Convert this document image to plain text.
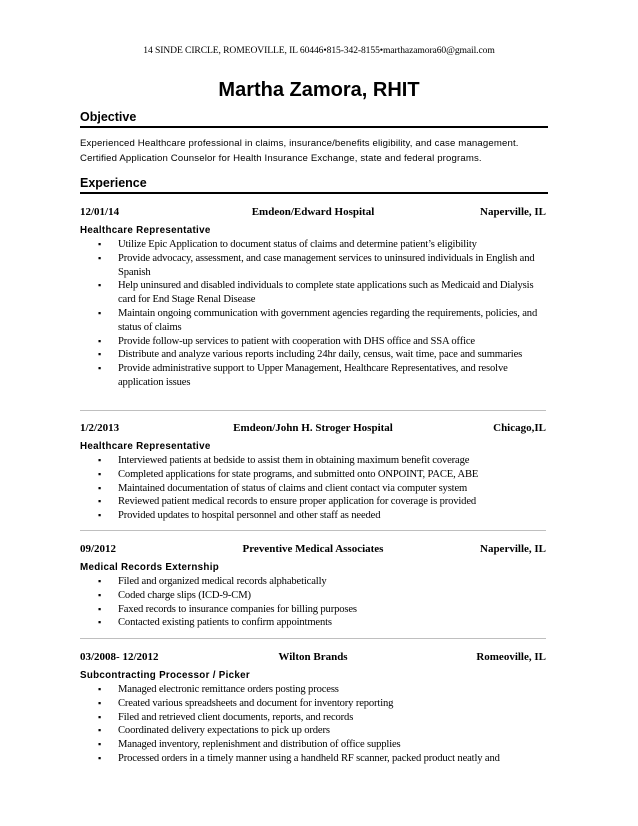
14 SINDE CIRCLE, ROMEOVILLE, IL 60446•815-342-8155•marthazamora60@gmail.com
Martha Zamora, RHIT
Objective
Experienced Healthcare professional in claims, insurance/benefits eligibility, and case management.
Certified Application Counselor for Health Insurance Exchange, state and federal programs.
Experience
12/01/14	Emdeon/Edward Hospital	Naperville, IL
Healthcare Representative
▪ Utilize Epic Application to document status of claims and determine patient’s eligibility
▪ Provide advocacy, assessment, and case management services to uninsured individuals in English and Spanish
▪ Help uninsured and disabled individuals to complete state applications such as Medicaid and Dialysis card for End Stage Renal Disease
▪ Maintain ongoing communication with government agencies regarding the requirements, policies, and status of claims
▪ Provide follow-up services to patient with cooperation with DHS office and SSA office
▪ Distribute and analyze various reports including 24hr daily, census, wait time, pace and summaries
▪ Provide administrative support to Upper Management, Healthcare Representatives, and resolve application issues
1/2/2013	Emdeon/John H. Stroger Hospital	Chicago,IL
Healthcare Representative
▪ Interviewed patients at bedside to assist them in obtaining maximum benefit coverage
▪ Completed applications for state programs, and submitted onto ONPOINT, PACE, ABE
▪ Maintained documentation of status of claims and client contact via computer system
▪ Reviewed patient medical records to ensure proper application for coverage is provided
▪ Provided updates to hospital personnel and other staff as needed
09/2012	Preventive Medical Associates	Naperville, IL
Medical Records Externship
▪ Filed and organized medical records alphabetically
▪ Coded charge slips (ICD-9-CM)
▪ Faxed records to insurance companies for billing purposes
▪ Contacted existing patients to confirm appointments
03/2008- 12/2012	Wilton Brands	Romeoville, IL
Subcontracting Processor / Picker
▪ Managed electronic remittance orders posting process
▪ Created various spreadsheets and document for inventory reporting
▪ Filed and retrieved client documents, reports, and records
▪ Coordinated delivery expectations to pick up orders
▪ Managed inventory, replenishment and distribution of office supplies
▪ Processed orders in a timely manner using a handheld RF scanner, packed product neatly and
